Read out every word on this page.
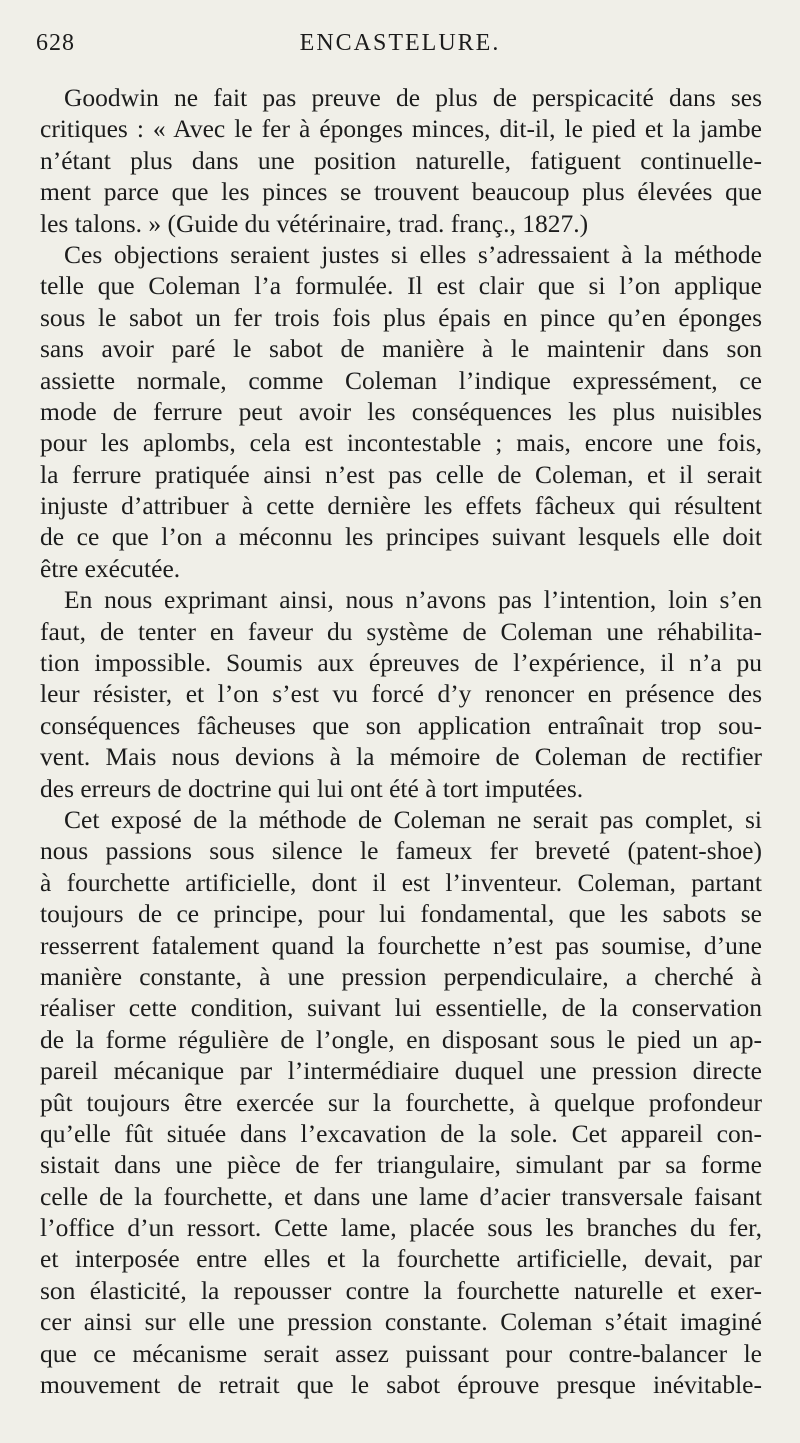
628	ENCASTELURE.
Goodwin ne fait pas preuve de plus de perspicacité dans ses
critiques : « Avec le fer à éponges minces, dit-il, le pied et la jambe
n’étant plus dans une position naturelle, fatiguent continuelle-
ment parce que les pinces se trouvent beaucoup plus élevées que
les talons. » (Guide du vétérinaire, trad. franç., 1827.)
Ces objections seraient justes si elles s’adressaient à la méthode
telle que Coleman l’a formulée. Il est clair que si l’on applique
sous le sabot un fer trois fois plus épais en pince qu’en éponges
sans avoir paré le sabot de manière à le maintenir dans son
assiette normale, comme Coleman l’indique expressément, ce
mode de ferrure peut avoir les conséquences les plus nuisibles
pour les aplombs, cela est incontestable ; mais, encore une fois,
la ferrure pratiquée ainsi n’est pas celle de Coleman, et il serait
injuste d’attribuer à cette dernière les effets fâcheux qui résultent
de ce que l’on a méconnu les principes suivant lesquels elle doit
être exécutée.
En nous exprimant ainsi, nous n’avons pas l’intention, loin s’en
faut, de tenter en faveur du système de Coleman une réhabilita-
tion impossible. Soumis aux épreuves de l’expérience, il n’a pu
leur résister, et l’on s’est vu forcé d’y renoncer en présence des
conséquences fâcheuses que son application entraînait trop sou-
vent. Mais nous devions à la mémoire de Coleman de rectifier
des erreurs de doctrine qui lui ont été à tort imputées.
Cet exposé de la méthode de Coleman ne serait pas complet, si
nous passions sous silence le fameux fer breveté (patent-shoe)
à fourchette artificielle, dont il est l’inventeur. Coleman, partant
toujours de ce principe, pour lui fondamental, que les sabots se
resserrent fatalement quand la fourchette n’est pas soumise, d’une
manière constante, à une pression perpendiculaire, a cherché à
réaliser cette condition, suivant lui essentielle, de la conservation
de la forme régulière de l’ongle, en disposant sous le pied un ap-
pareil mécanique par l’intermédiaire duquel une pression directe
pût toujours être exercée sur la fourchette, à quelque profondeur
qu’elle fût située dans l’excavation de la sole. Cet appareil con-
sistait dans une pièce de fer triangulaire, simulant par sa forme
celle de la fourchette, et dans une lame d’acier transversale faisant
l’office d’un ressort. Cette lame, placée sous les branches du fer,
et interposée entre elles et la fourchette artificielle, devait, par
son élasticité, la repousser contre la fourchette naturelle et exer-
cer ainsi sur elle une pression constante. Coleman s’était imaginé
que ce mécanisme serait assez puissant pour contre-balancer le
mouvement de retrait que le sabot éprouve presque inévitable-
